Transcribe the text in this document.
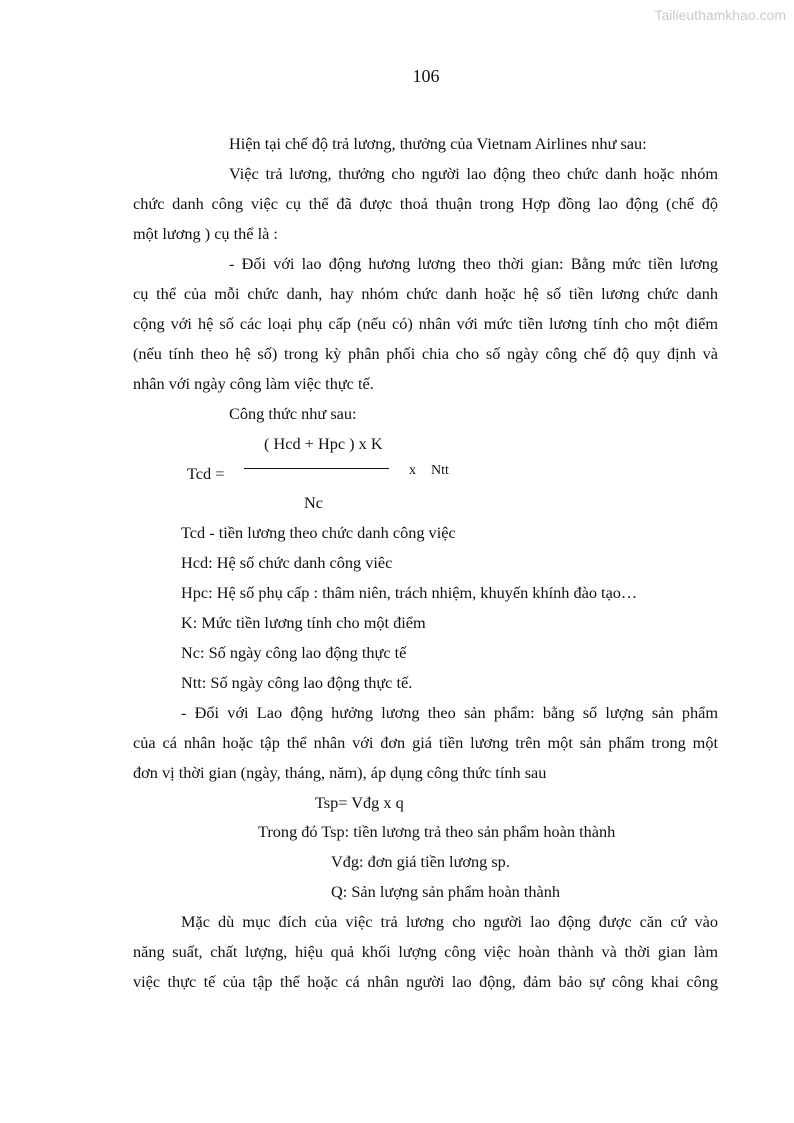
Tailieuthamkhao.com
106
Hiện tại chế độ trả lương, thưởng của Vietnam Airlines như sau:
Việc trả lương, thưởng cho người lao động theo chức danh hoặc nhóm
chức danh công việc cụ thể đã được thoả thuận trong Hợp đồng lao động (chế độ
một lương ) cụ thể là :
- Đối với lao động hương lương theo thời gian: Bằng mức tiền lương
cụ thể của mỗi chức danh, hay nhóm chức danh hoặc hệ số tiền lương chức danh
cộng với hệ số các loại phụ cấp (nếu có) nhân với mức tiền lương tính cho một điểm
(nếu tính theo hệ số) trong kỳ phân phối chia cho số ngày công chế độ quy định và
nhân với ngày công làm việc thực tế.
Công thức như sau:
( Hcd + Hpc ) x K
Tcd =	x Ntt
Nc
Tcd - tiền lương theo chức danh công việc
Hcd: Hệ số chức danh công viêc
Hpc: Hệ số phụ cấp : thâm niên, trách nhiệm, khuyến khính đào tạo…
K: Mức tiền lương tính cho một điểm
Nc: Số ngày công lao động thực tế
Ntt: Số ngày công lao động thực tế.
- Đối với Lao động hưởng lương theo sản phẩm: bằng số lượng sản phẩm
của cá nhân hoặc tập thể nhân với đơn giá tiền lương trên một sản phẩm trong một
đơn vị thời gian (ngày, tháng, năm), áp dụng công thức tính sau
Tsp= Vđg x q
Trong đó Tsp: tiền lương trả theo sản phẩm hoàn thành
Vđg: đơn giá tiền lương sp.
Q: Sản lượng sản phẩm hoàn thành
Mặc dù mục đích của việc trả lương cho người lao động được căn cứ vào
năng suất, chất lượng, hiệu quả khối lượng công việc hoàn thành và thời gian làm
việc thực tế của tập thể hoặc cá nhân người lao động, đảm bảo sự công khai công
